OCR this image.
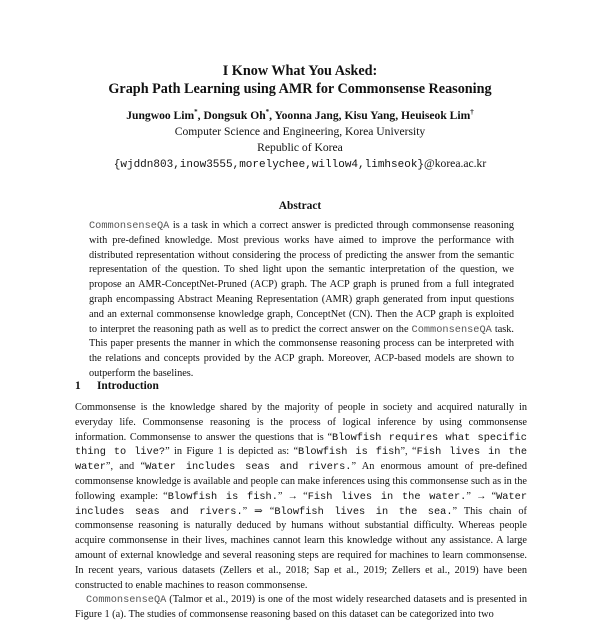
I Know What You Asked:
Graph Path Learning using AMR for Commonsense Reasoning
Jungwoo Lim*, Dongsuk Oh*, Yoonna Jang, Kisu Yang, Heuiseok Lim†
Computer Science and Engineering, Korea University
Republic of Korea
{wjddn803,inow3555,morelychee,willow4,limhseok}@korea.ac.kr
Abstract
CommonsenseQA is a task in which a correct answer is predicted through commonsense reasoning with pre-defined knowledge. Most previous works have aimed to improve the performance with distributed representation without considering the process of predicting the answer from the semantic representation of the question. To shed light upon the semantic interpretation of the question, we propose an AMR-ConceptNet-Pruned (ACP) graph. The ACP graph is pruned from a full integrated graph encompassing Abstract Meaning Representation (AMR) graph generated from input questions and an external commonsense knowledge graph, ConceptNet (CN). Then the ACP graph is exploited to interpret the reasoning path as well as to predict the correct answer on the CommonsenseQA task. This paper presents the manner in which the commonsense reasoning process can be interpreted with the relations and concepts provided by the ACP graph. Moreover, ACP-based models are shown to outperform the baselines.
1 Introduction

Commonsense is the knowledge shared by the majority of people in society and acquired naturally in everyday life. Commonsense reasoning is the process of logical inference by using commonsense information. Commonsense to answer the questions that is “Blowfish requires what specific thing to live?” in Figure 1 is depicted as: “Blowfish is fish”, “Fish lives in the water”, and “Water includes seas and rivers.” An enormous amount of pre-defined commonsense knowledge is available and people can make inferences using this commonsense such as in the following example: “Blowfish is fish.” → “Fish lives in the water.” → “Water includes seas and rivers.” ⇒ “Blowfish lives in the sea.” This chain of commonsense reasoning is naturally deduced by humans without substantial difficulty. Whereas people acquire commonsense in their lives, machines cannot learn this knowledge without any assistance. A large amount of external knowledge and several reasoning steps are required for machines to learn commonsense. In recent years, various datasets (Zellers et al., 2018; Sap et al., 2019; Zellers et al., 2019) have been constructed to enable machines to reason commonsense.

CommonsenseQA (Talmor et al., 2019) is one of the most widely researched datasets and is presented in Figure 1 (a). The studies of commonsense reasoning based on this dataset can be categorized into two
